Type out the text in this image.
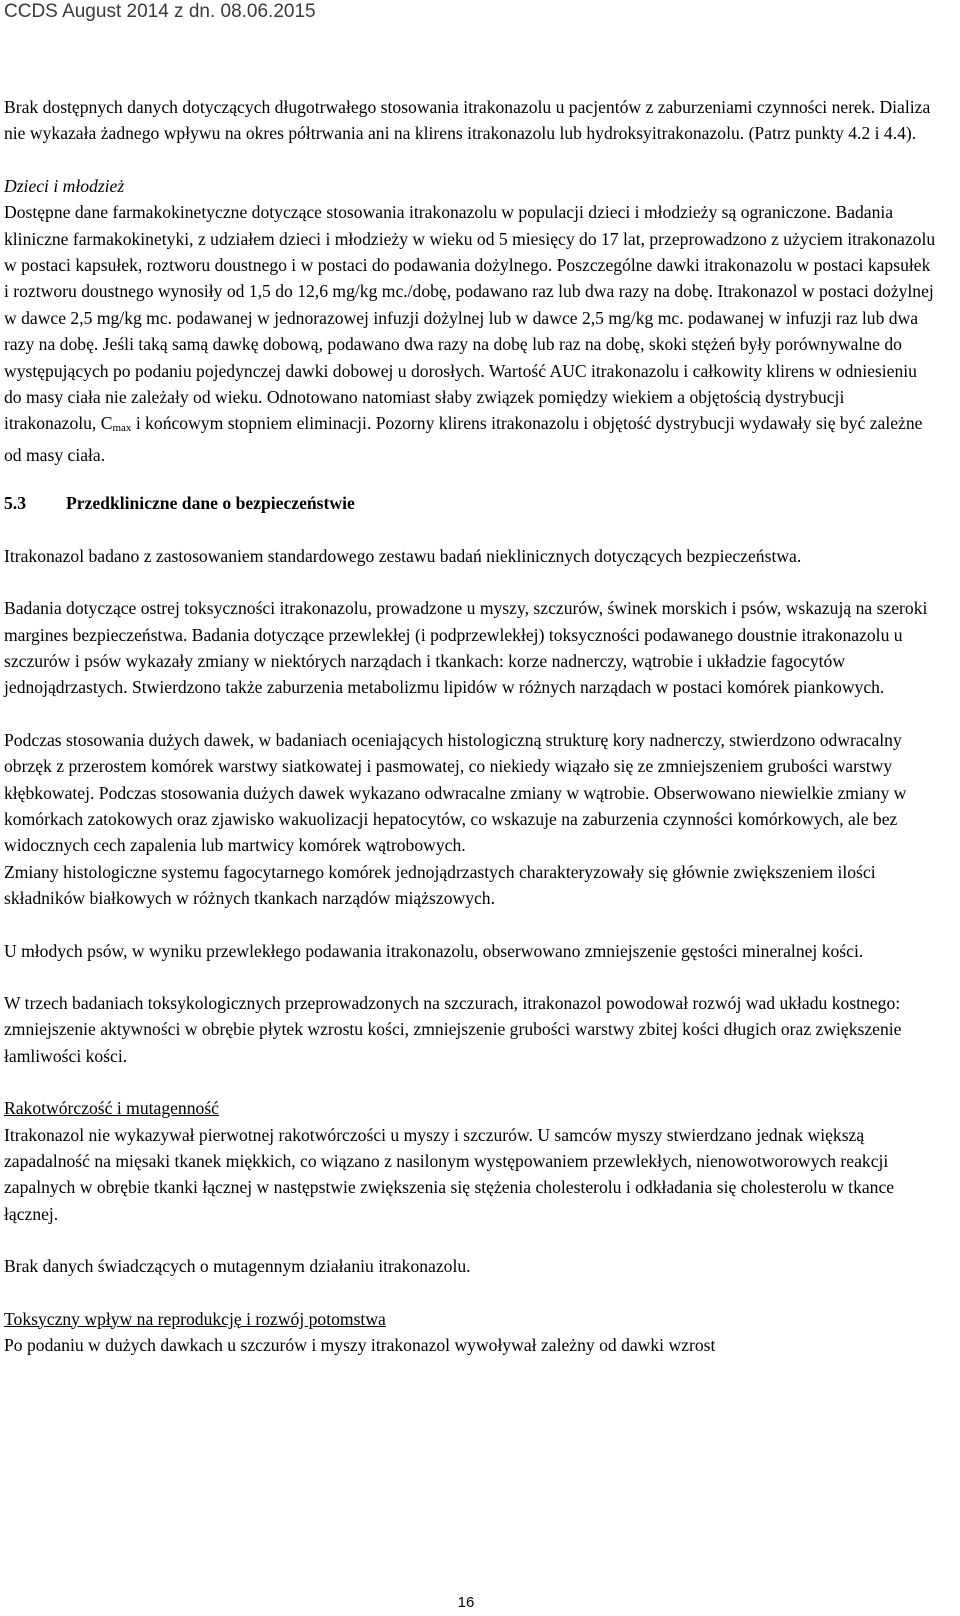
CCDS August 2014 z dn. 08.06.2015

Brak dostępnych danych dotyczących długotrwałego stosowania itrakonazolu u pacjentów z zaburzeniami czynności nerek. Dializa nie wykazała żadnego wpływu na okres półtrwania ani na klirens itrakonazolu lub hydroksyitrakonazolu. (Patrz punkty 4.2 i 4.4).

Dzieci i młodzież

Dostępne dane farmakokinetyczne dotyczące stosowania itrakonazolu w populacji dzieci i młodzieży są ograniczone. Badania kliniczne farmakokinetyki, z udziałem dzieci i młodzieży w wieku od 5 miesięcy do 17 lat, przeprowadzono z użyciem itrakonazolu w postaci kapsułek, roztworu doustnego i w postaci do podawania dożylnego. Poszczególne dawki itrakonazolu w postaci kapsułek i roztworu doustnego wynosiły od 1,5 do 12,6 mg/kg mc./dobę, podawano raz lub dwa razy na dobę. Itrakonazol w postaci dożylnej w dawce 2,5 mg/kg mc. podawanej w jednorazowej infuzji dożylnej lub w dawce 2,5 mg/kg mc. podawanej w infuzji raz lub dwa razy na dobę. Jeśli taką samą dawkę dobową, podawano dwa razy na dobę lub raz na dobę, skoki stężeń były porównywalne do występujących po podaniu pojedynczej dawki dobowej u dorosłych. Wartość AUC itrakonazolu i całkowity klirens w odniesieniu do masy ciała nie zależały od wieku. Odnotowano natomiast słaby związek pomiędzy wiekiem a objętością dystrybucji itrakonazolu, $C_{max}$ i końcowym stopniem eliminacji. Pozorny klirens itrakonazolu i objętość dystrybucji wydawały się być zależne od masy ciała.

5.3 Przedkliniczne dane o bezpieczeństwie

Itrakonazol badano z zastosowaniem standardowego zestawu badań nieklinicznych dotyczących bezpieczeństwa.

Badania dotyczące ostrej toksyczności itrakonazolu, prowadzone u myszy, szczurów, świnek morskich i psów, wskazują na szeroki margines bezpieczeństwa. Badania dotyczące przewlekłej (i podprzewlekłej) toksyczności podawanego doustnie itrakonazolu u szczurów i psów wykazały zmiany w niektórych narządach i tkankach: korze nadnerczy, wątrobie i układzie fagocytów jednojądrzastych. Stwierdzono także zaburzenia metabolizmu lipidów w różnych narządach w postaci komórek piankowych.

Podczas stosowania dużych dawek, w badaniach oceniających histologiczną strukturę kory nadnerczy, stwierdzono odwracalny obrzęk z przerostem komórek warstwy siatkowatej i pasmowatej, co niekiedy wiązało się ze zmniejszeniem grubości warstwy kłębkowatej. Podczas stosowania dużych dawek wykazano odwracalne zmiany w wątrobie. Obserwowano niewielkie zmiany w komórkach zatokowych oraz zjawisko wakuolizacji hepatocytów, co wskazuje na zaburzenia czynności komórkowych, ale bez widocznych cech zapalenia lub martwicy komórek wątrobowych.

Zmiany histologiczne systemu fagocytarnego komórek jednojądrzastych charakteryzowały się głównie zwiększeniem ilości składników białkowych w różnych tkankach narządów miąższowych.

U młodych psów, w wyniku przewlekłego podawania itrakonazolu, obserwowano zmniejszenie gęstości mineralnej kości.

W trzech badaniach toksykologicznych przeprowadzonych na szczurach, itrakonazol powodował rozwój wad układu kostnego: zmniejszenie aktywności w obrębie płytek wzrostu kości, zmniejszenie grubości warstwy zbitej kości długich oraz zwiększenie łamliwości kości.

Rakotwórczość i mutagenność

Itrakonazol nie wykazywał pierwotnej rakotwórczości u myszy i szczurów. U samców myszy stwierdzano jednak większą zapadalność na mięsaki tkanek miękkich, co wiązano z nasilonym występowaniem przewlekłych, nienowotworowych reakcji zapalnych w obrębie tkanki łącznej w następstwie zwiększenia się stężenia cholesterolu i odkładania się cholesterolu w tkance łącznej.

Brak danych świadczących o mutagennym działaniu itrakonazolu.

Toksyczny wpływ na reprodukcję i rozwój potomstwa

Po podaniu w dużych dawkach u szczurów i myszy itrakonazol wywoływał zależny od dawki wzrost

16
